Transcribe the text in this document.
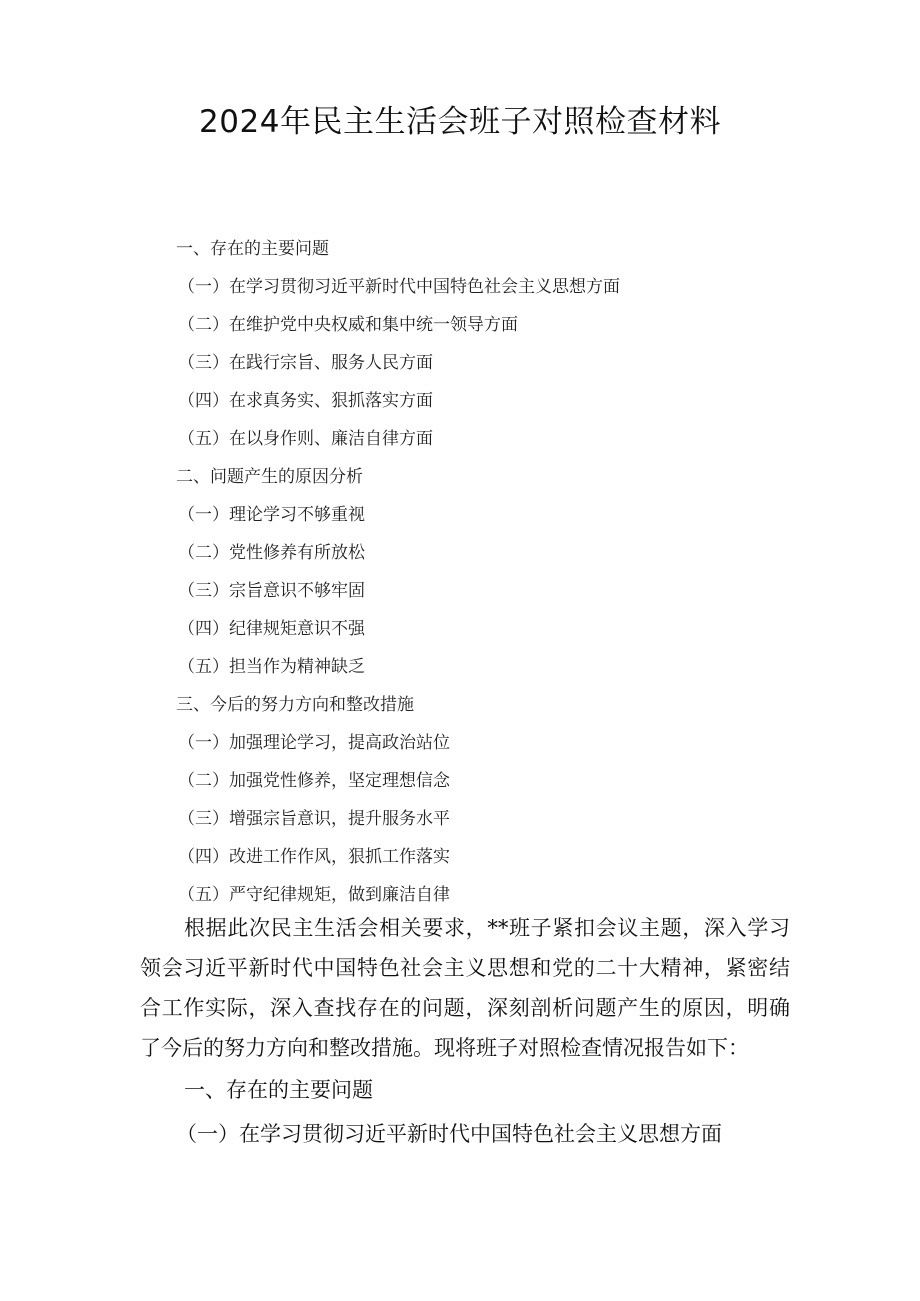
2024年民主生活会班子对照检查材料
一、存在的主要问题
（一）在学习贯彻习近平新时代中国特色社会主义思想方面
（二）在维护党中央权威和集中统一领导方面
（三）在践行宗旨、服务人民方面
（四）在求真务实、狠抓落实方面
（五）在以身作则、廉洁自律方面
二、问题产生的原因分析
（一）理论学习不够重视
（二）党性修养有所放松
（三）宗旨意识不够牢固
（四）纪律规矩意识不强
（五）担当作为精神缺乏
三、今后的努力方向和整改措施
（一）加强理论学习，提高政治站位
（二）加强党性修养，坚定理想信念
（三）增强宗旨意识，提升服务水平
（四）改进工作作风，狠抓工作落实
（五）严守纪律规矩，做到廉洁自律

根据此次民主生活会相关要求，**班子紧扣会议主题，深入学习领会习近平新时代中国特色社会主义思想和党的二十大精神，紧密结合工作实际，深入查找存在的问题，深刻剖析问题产生的原因，明确了今后的努力方向和整改措施。现将班子对照检查情况报告如下：

一、存在的主要问题
（一）在学习贯彻习近平新时代中国特色社会主义思想方面
